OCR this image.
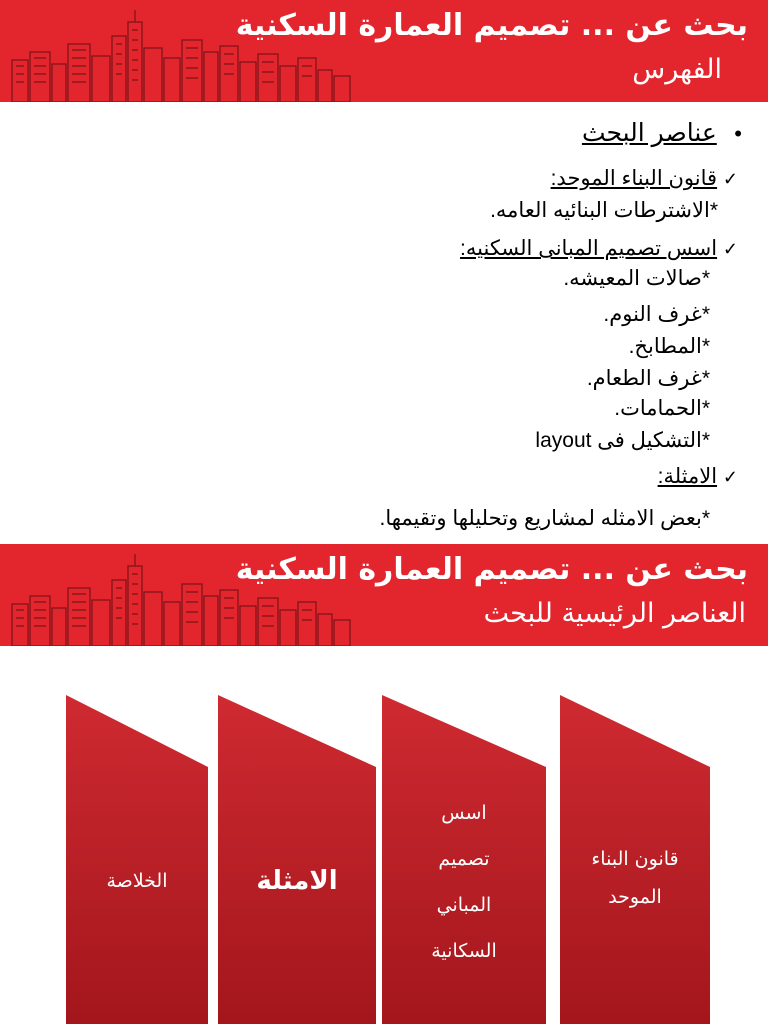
بحث عن ... تصميم العمارة السكنية
الفهرس
•   عناصر البحث
✓ قانون البناء الموحد:
*الاشترطات البنائيه العامه.
✓ اسس تصميم المبانى السكنيه:
*صالات المعيشه.
*غرف النوم.
*المطابخ.
*غرف الطعام.
*الحمامات.
*التشكيل فى layout
✓ الامثلة:
*بعض الامثله لمشاريع وتحليلها وتقيمها.
بحث عن ... تصميم العمارة السكنية
العناصر الرئيسية للبحث
قانون البناء
الموحد
اسس
تصميم
المباني
السكانية
الامثلة
الخلاصة
